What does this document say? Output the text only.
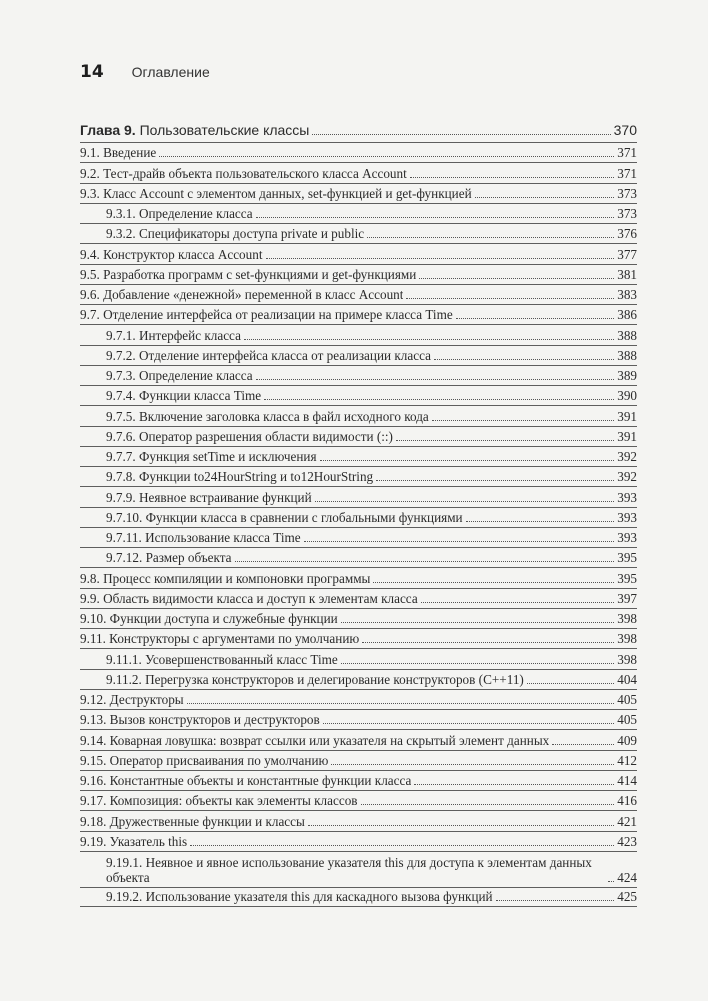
14 Оглавление
Глава 9. Пользовательские классы	370
9.1. Введение	371
9.2. Тест-драйв объекта пользовательского класса Account	371
9.3. Класс Account с элементом данных, set-функцией и get-функцией	373
9.3.1. Определение класса	373
9.3.2. Спецификаторы доступа private и public	376
9.4. Конструктор класса Account	377
9.5. Разработка программ с set-функциями и get-функциями	381
9.6. Добавление «денежной» переменной в класс Account	383
9.7. Отделение интерфейса от реализации на примере класса Time	386
9.7.1. Интерфейс класса	388
9.7.2. Отделение интерфейса класса от реализации класса	388
9.7.3. Определение класса	389
9.7.4. Функции класса Time	390
9.7.5. Включение заголовка класса в файл исходного кода	391
9.7.6. Оператор разрешения области видимости (::)	391
9.7.7. Функция setTime и исключения	392
9.7.8. Функции to24HourString и to12HourString	392
9.7.9. Неявное встраивание функций	393
9.7.10. Функции класса в сравнении с глобальными функциями	393
9.7.11. Использование класса Time	393
9.7.12. Размер объекта	395
9.8. Процесс компиляции и компоновки программы	395
9.9. Область видимости класса и доступ к элементам класса	397
9.10. Функции доступа и служебные функции	398
9.11. Конструкторы с аргументами по умолчанию	398
9.11.1. Усовершенствованный класс Time	398
9.11.2. Перегрузка конструкторов и делегирование конструкторов (C++11)	404
9.12. Деструкторы	405
9.13. Вызов конструкторов и деструкторов	405
9.14. Коварная ловушка: возврат ссылки или указателя на скрытый элемент данных	409
9.15. Оператор присваивания по умолчанию	412
9.16. Константные объекты и константные функции класса	414
9.17. Композиция: объекты как элементы классов	416
9.18. Дружественные функции и классы	421
9.19. Указатель this	423
9.19.1. Неявное и явное использование указателя this для доступа к элементам данных объекта	424
9.19.2. Использование указателя this для каскадного вызова функций	425
